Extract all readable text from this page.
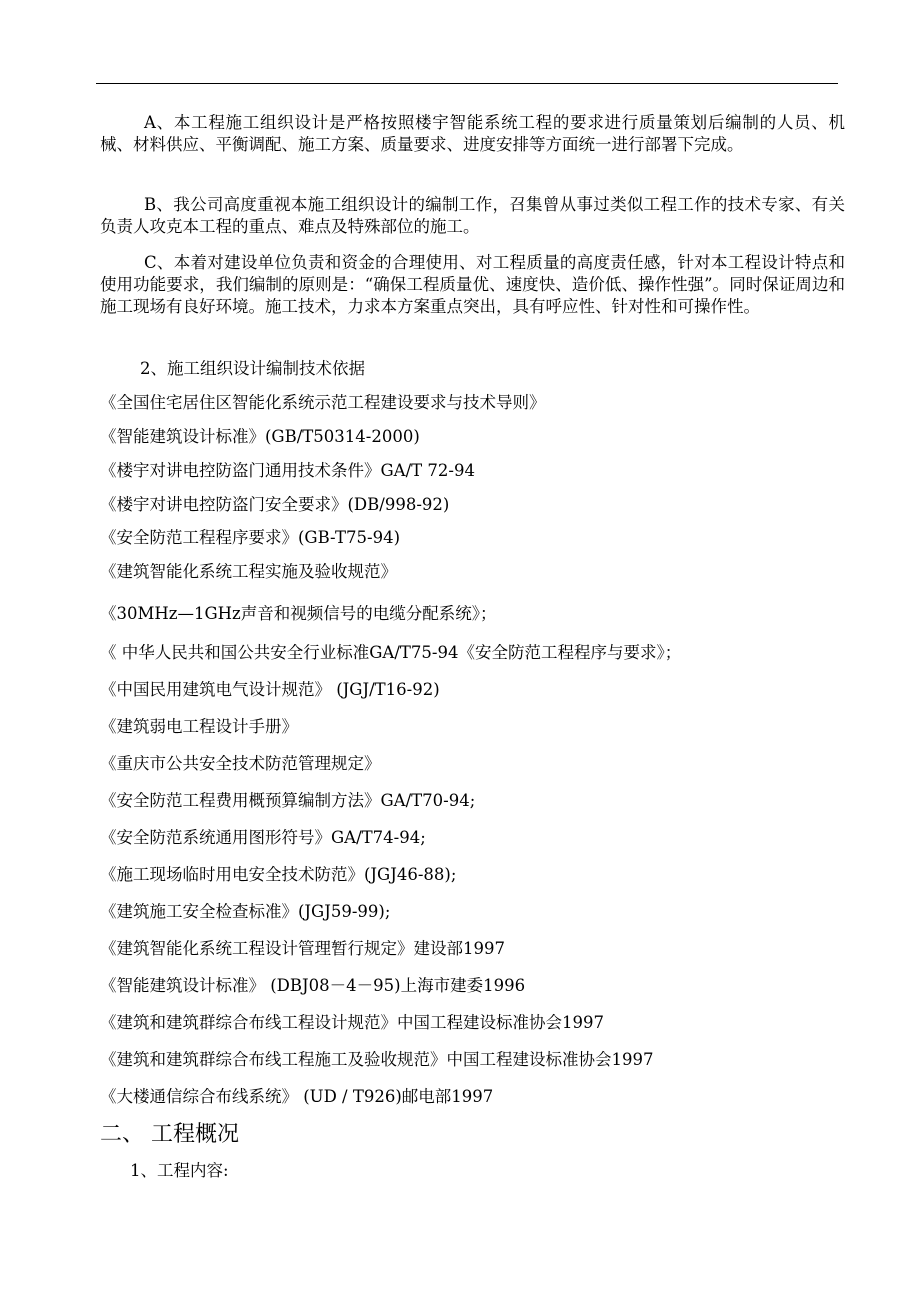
A、本工程施工组织设计是严格按照楼宇智能系统工程的要求进行质量策划后编制的人员、机械、材料供应、平衡调配、施工方案、质量要求、进度安排等方面统一进行部署下完成。
B、我公司高度重视本施工组织设计的编制工作，召集曾从事过类似工程工作的技术专家、有关负责人攻克本工程的重点、难点及特殊部位的施工。
C、本着对建设单位负责和资金的合理使用、对工程质量的高度责任感，针对本工程设计特点和使用功能要求，我们编制的原则是：“确保工程质量优、速度快、造价低、操作性强”。同时保证周边和施工现场有良好环境。施工技术，力求本方案重点突出，具有呼应性、针对性和可操作性。
2、施工组织设计编制技术依据
《全国住宅居住区智能化系统示范工程建设要求与技术导则》
《智能建筑设计标准》(GB/T50314-2000)
《楼宇对讲电控防盗门通用技术条件》GA/T 72-94
《楼宇对讲电控防盗门安全要求》(DB/998-92)
《安全防范工程程序要求》(GB-T75-94)
《建筑智能化系统工程实施及验收规范》
《30MHz—1GHz声音和视频信号的电缆分配系统》；
《 中华人民共和国公共安全行业标准GA/T75-94《安全防范工程程序与要求》；
《中国民用建筑电气设计规范》 (JGJ/T16-92)
《建筑弱电工程设计手册》
《重庆市公共安全技术防范管理规定》
《安全防范工程费用概预算编制方法》GA/T70-94;
《安全防范系统通用图形符号》GA/T74-94;
《施工现场临时用电安全技术防范》(JGJ46-88);
《建筑施工安全检查标准》(JGJ59-99);
《建筑智能化系统工程设计管理暂行规定》建设部1997
《智能建筑设计标准》 (DBJ08－4－95)上海市建委1996
《建筑和建筑群综合布线工程设计规范》中国工程建设标准协会1997
《建筑和建筑群综合布线工程施工及验收规范》中国工程建设标准协会1997
《大楼通信综合布线系统》 (UD / T926)邮电部1997
二、 工程概况
1、工程内容:
